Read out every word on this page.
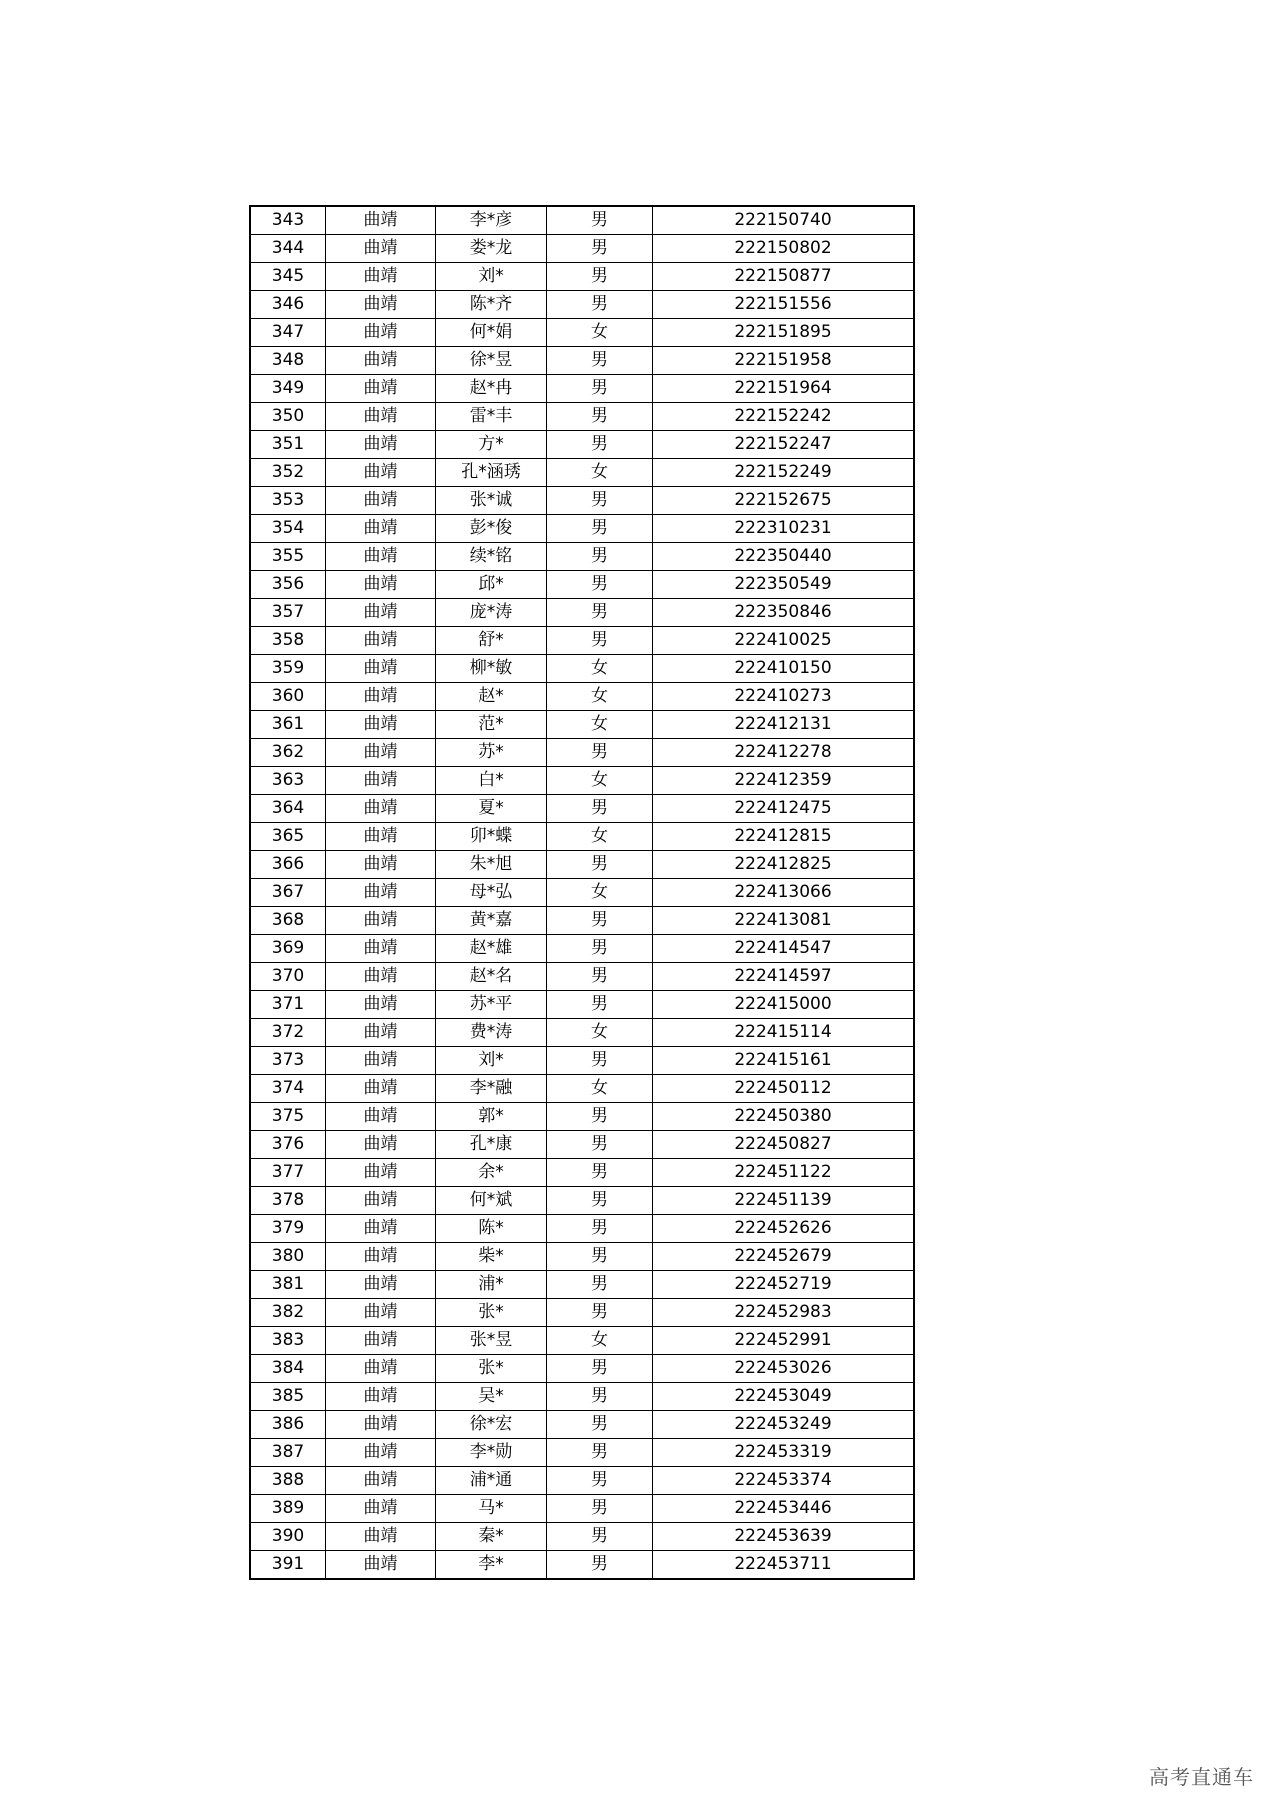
343	曲靖	李*彦	男	222150740
344	曲靖	娄*龙	男	222150802
345	曲靖	刘*	男	222150877
346	曲靖	陈*齐	男	222151556
347	曲靖	何*娟	女	222151895
348	曲靖	徐*昱	男	222151958
349	曲靖	赵*冉	男	222151964
350	曲靖	雷*丰	男	222152242
351	曲靖	方*	男	222152247
352	曲靖	孔*涵琇	女	222152249
353	曲靖	张*诚	男	222152675
354	曲靖	彭*俊	男	222310231
355	曲靖	续*铭	男	222350440
356	曲靖	邱*	男	222350549
357	曲靖	庞*涛	男	222350846
358	曲靖	舒*	男	222410025
359	曲靖	柳*敏	女	222410150
360	曲靖	赵*	女	222410273
361	曲靖	范*	女	222412131
362	曲靖	苏*	男	222412278
363	曲靖	白*	女	222412359
364	曲靖	夏*	男	222412475
365	曲靖	卯*蝶	女	222412815
366	曲靖	朱*旭	男	222412825
367	曲靖	母*弘	女	222413066
368	曲靖	黄*嘉	男	222413081
369	曲靖	赵*雄	男	222414547
370	曲靖	赵*名	男	222414597
371	曲靖	苏*平	男	222415000
372	曲靖	费*涛	女	222415114
373	曲靖	刘*	男	222415161
374	曲靖	李*融	女	222450112
375	曲靖	郭*	男	222450380
376	曲靖	孔*康	男	222450827
377	曲靖	余*	男	222451122
378	曲靖	何*斌	男	222451139
379	曲靖	陈*	男	222452626
380	曲靖	柴*	男	222452679
381	曲靖	浦*	男	222452719
382	曲靖	张*	男	222452983
383	曲靖	张*昱	女	222452991
384	曲靖	张*	男	222453026
385	曲靖	吴*	男	222453049
386	曲靖	徐*宏	男	222453249
387	曲靖	李*勋	男	222453319
388	曲靖	浦*通	男	222453374
389	曲靖	马*	男	222453446
390	曲靖	秦*	男	222453639
391	曲靖	李*	男	222453711
高考直通车
